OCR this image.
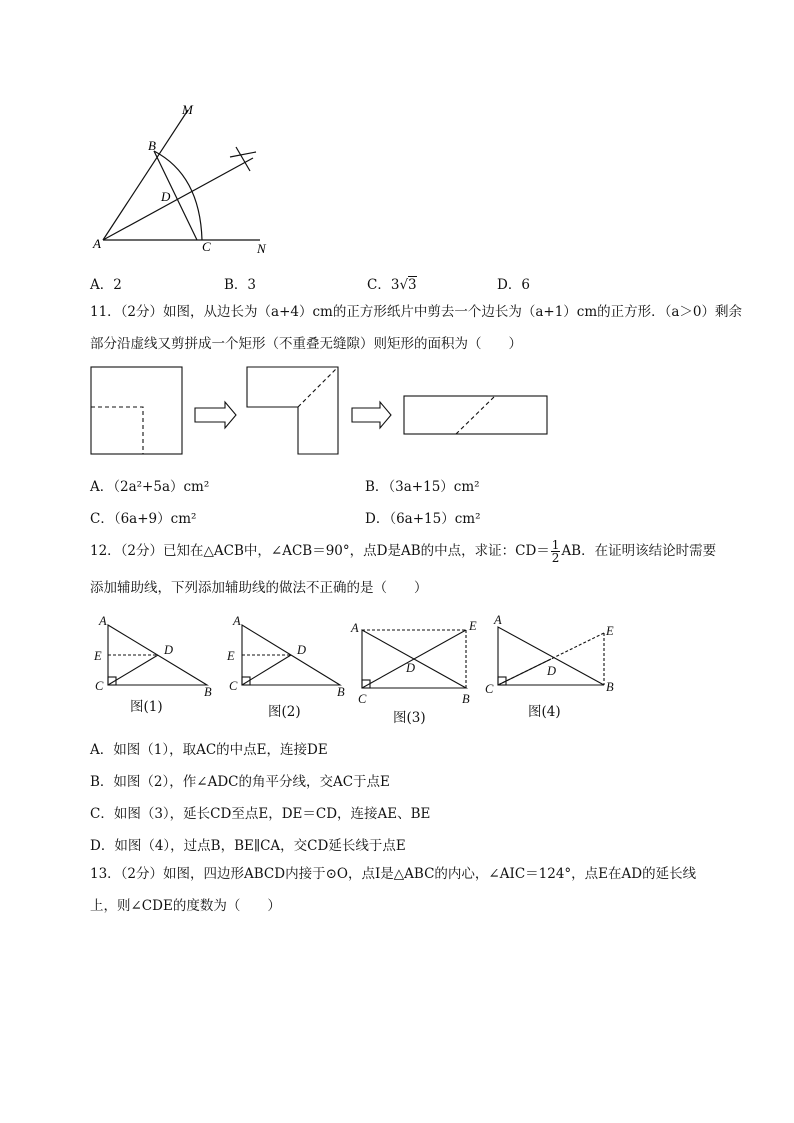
M
B
D
A	C	N
A．2	B．3	C．3√3	D．6
11．（2分）如图，从边长为（a+4）cm的正方形纸片中剪去一个边长为（a+1）cm的正方形．（a＞0）剩余
部分沿虚线又剪拼成一个矩形（不重叠无缝隙）则矩形的面积为（　　）
A．（2a²+5a）cm²	B．（3a+15）cm²
C．（6a+9）cm²	D．（6a+15）cm²
12．（2分）已知在△ACB中，∠ACB＝90°，点D是AB的中点，求证：$CD= \frac{1}{2}$ AB．在证明该结论时需要
添加辅助线，下列添加辅助线的做法不正确的是（　　）
A
E	D
C	B
A
E	D
C	B
A	E
D
C	B
A
E
D
C	B
图(1)	图(2)	图(3)	图(4)
A．如图（1），取AC的中点E，连接DE
B．如图（2），作∠ADC的角平分线，交AC于点E
C．如图（3），延长CD至点E，DE＝CD，连接AE、BE
D．如图（4），过点B，BE∥CA，交CD延长线于点E
13．（2分）如图，四边形ABCD内接于⊙O，点I是△ABC的内心，∠AIC＝124°，点E在AD的延长线
上，则∠CDE的度数为（　　）
